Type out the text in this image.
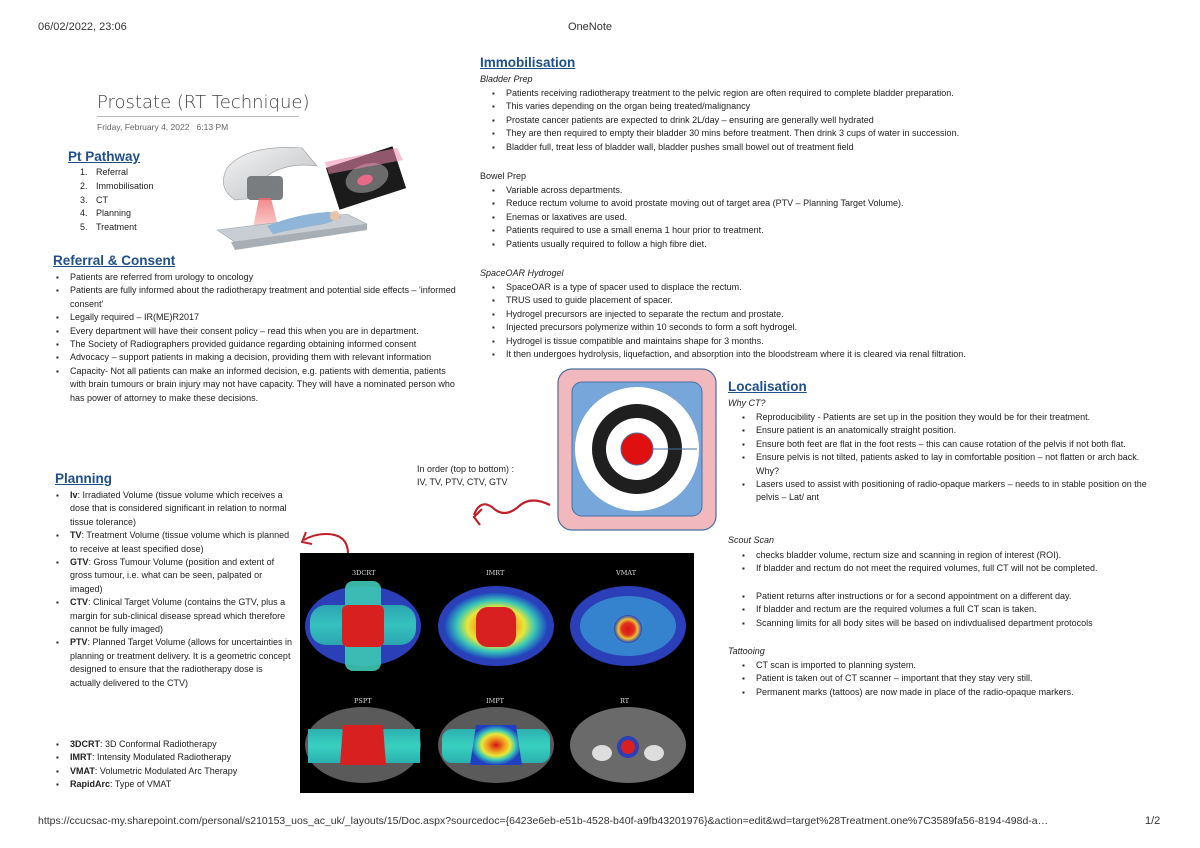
06/02/2022, 23:06	OneNote
https://ccucsac-my.sharepoint.com/personal/s210153_uos_ac_uk/_layouts/15/Doc.aspx?sourcedoc={6423e6eb-e51b-4528-b40f-a9fb43201976}&action=edit&wd=target%28Treatment.one%7C3589fa56-8194-498d-a…	1/2
Prostate (RT Technique)
Friday, February 4, 2022 6:13 PM
Pt Pathway
1. Referral
2. Immobilisation
3. CT
4. Planning
5. Treatment
Referral & Consent
▪ Patients are referred from urology to oncology
▪ Patients are fully informed about the radiotherapy treatment and potential side effects – 'informed consent'
▪ Legally required – IR(ME)R2017
▪ Every department will have their consent policy – read this when you are in department.
▪ The Society of Radiographers provided guidance regarding obtaining informed consent
▪ Advocacy – support patients in making a decision, providing them with relevant information
▪ Capacity- Not all patients can make an informed decision, e.g. patients with dementia, patients with brain tumours or brain injury may not have capacity. They will have a nominated person who has power of attorney to make these decisions.
Planning
▪ Iv: Irradiated Volume (tissue volume which receives a dose that is considered significant in relation to normal tissue tolerance)
▪ TV: Treatment Volume (tissue volume which is planned to receive at least specified dose)
▪ GTV: Gross Tumour Volume (position and extent of gross tumour, i.e. what can be seen, palpated or imaged)
▪ CTV: Clinical Target Volume (contains the GTV, plus a margin for sub-clinical disease spread which therefore cannot be fully imaged)
▪ PTV: Planned Target Volume (allows for uncertainties in planning or treatment delivery. It is a geometric concept designed to ensure that the radiotherapy dose is actually delivered to the CTV)
▪ 3DCRT: 3D Conformal Radiotherapy
▪ IMRT: Intensity Modulated Radiotherapy
▪ VMAT: Volumetric Modulated Arc Therapy
▪ RapidArc: Type of VMAT
In order (top to bottom) :
IV, TV, PTV, CTV, GTV
3DCRT	IMRT	VMAT
PSPT	IMPT	RT
Immobilisation
Bladder Prep
▪ Patients receiving radiotherapy treatment to the pelvic region are often required to complete bladder preparation.
▪ This varies depending on the organ being treated/malignancy
▪ Prostate cancer patients are expected to drink 2L/day – ensuring are generally well hydrated
▪ They are then required to empty their bladder 30 mins before treatment. Then drink 3 cups of water in succession.
▪ Bladder full, treat less of bladder wall, bladder pushes small bowel out of treatment field
Bowel Prep
▪ Variable across departments.
▪ Reduce rectum volume to avoid prostate moving out of target area (PTV – Planning Target Volume).
▪ Enemas or laxatives are used.
▪ Patients required to use a small enema 1 hour prior to treatment.
▪ Patients usually required to follow a high fibre diet.
SpaceOAR Hydrogel
▪ SpaceOAR is a type of spacer used to displace the rectum.
▪ TRUS used to guide placement of spacer.
▪ Hydrogel precursors are injected to separate the rectum and prostate.
▪ Injected precursors polymerize within 10 seconds to form a soft hydrogel.
▪ Hydrogel is tissue compatible and maintains shape for 3 months.
▪ It then undergoes hydrolysis, liquefaction, and absorption into the bloodstream where it is cleared via renal filtration.
Localisation
Why CT?
▪ Reproducibility - Patients are set up in the position they would be for their treatment.
▪ Ensure patient is an anatomically straight position.
▪ Ensure both feet are flat in the foot rests – this can cause rotation of the pelvis if not both flat.
▪ Ensure pelvis is not tilted, patients asked to lay in comfortable position – not flatten or arch back. Why?
▪ Lasers used to assist with positioning of radio-opaque markers – needs to in stable position on the pelvis – Lat/ ant
Scout Scan
▪ checks bladder volume, rectum size and scanning in region of interest (ROI).
▪ If bladder and rectum do not meet the required volumes, full CT will not be completed.
▪ Patient returns after instructions or for a second appointment on a different day.
▪ If bladder and rectum are the required volumes a full CT scan is taken.
▪ Scanning limits for all body sites will be based on indivdualised department protocols
Tattooing
▪ CT scan is imported to planning system.
▪ Patient is taken out of CT scanner – important that they stay very still.
▪ Permanent marks (tattoos) are now made in place of the radio-opaque markers.
